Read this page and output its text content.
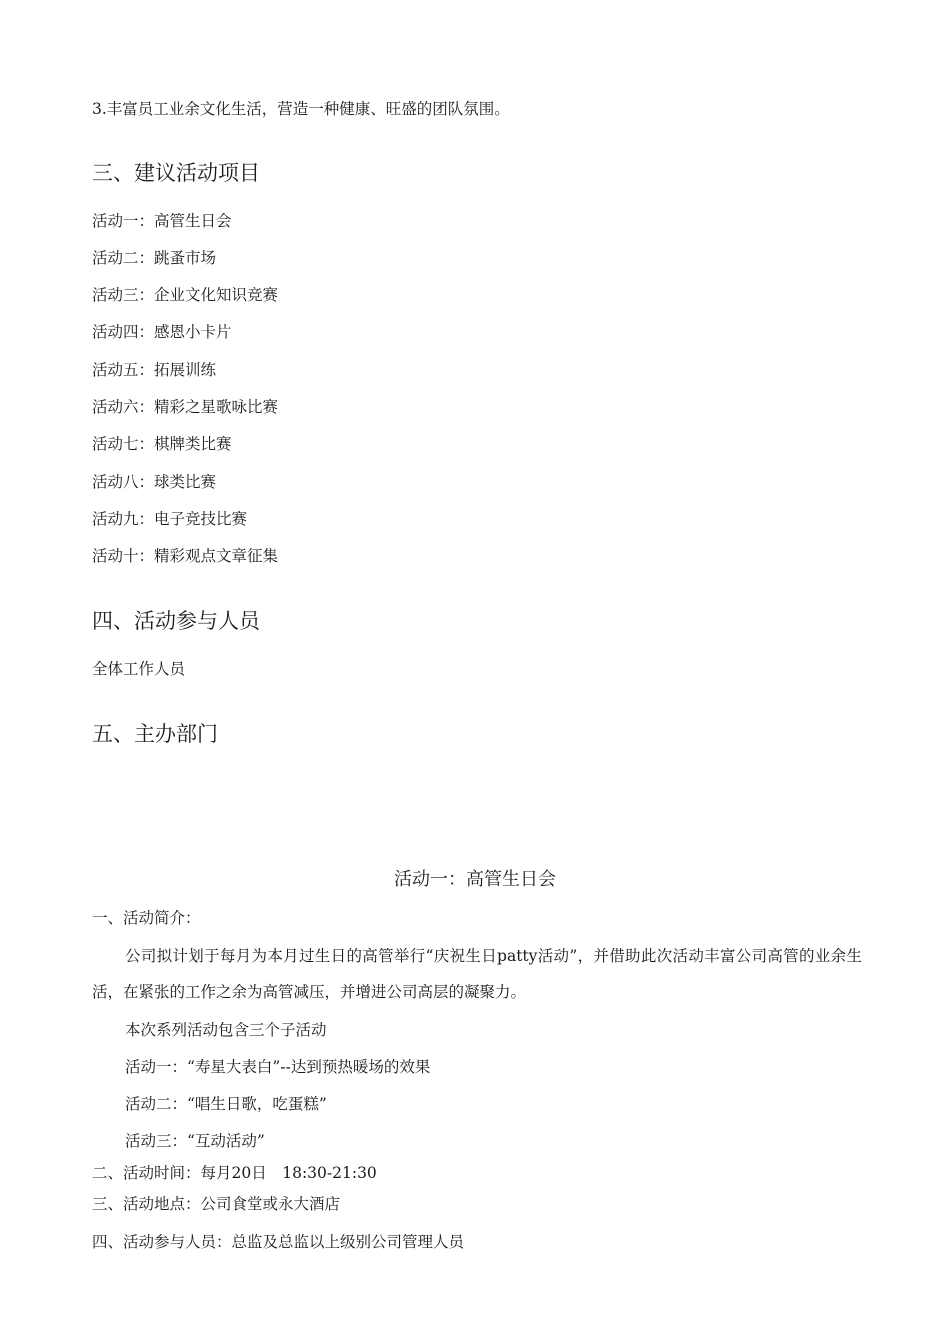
3.丰富员工业余文化生活，营造一种健康、旺盛的团队氛围。
三、建议活动项目
活动一：高管生日会
活动二：跳蚤市场
活动三：企业文化知识竞赛
活动四：感恩小卡片
活动五：拓展训练
活动六：精彩之星歌咏比赛
活动七：棋牌类比赛
活动八：球类比赛
活动九：电子竞技比赛
活动十：精彩观点文章征集
四、活动参与人员
全体工作人员
五、主办部门
活动一：高管生日会
一、活动简介：
公司拟计划于每月为本月过生日的高管举行“庆祝生日patty活动”，并借助此次活动丰富公司高管的业余生活，在紧张的工作之余为高管减压，并增进公司高层的凝聚力。
本次系列活动包含三个子活动
活动一：“寿星大表白”--达到预热暖场的效果
活动二：“唱生日歌，吃蛋糕”
活动三：“互动活动”
二、活动时间：每月20日　18:30-21:30
三、活动地点：公司食堂或永大酒店
四、活动参与人员：总监及总监以上级别公司管理人员
